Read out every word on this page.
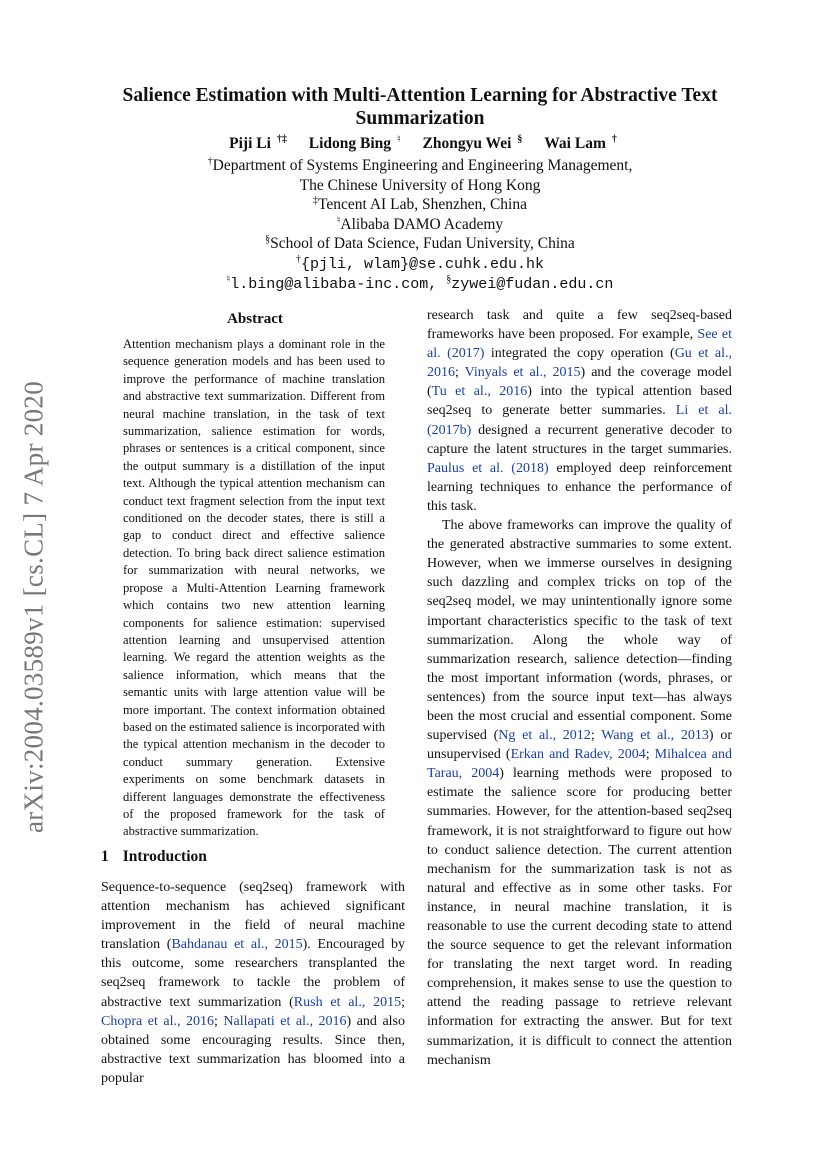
arXiv:2004.03589v1 [cs.CL] 7 Apr 2020
Salience Estimation with Multi-Attention Learning for Abstractive Text
Summarization
Piji Li †‡ Lidong Bing ♮ Zhongyu Wei § Wai Lam †
†Department of Systems Engineering and Engineering Management,
The Chinese University of Hong Kong
‡Tencent AI Lab, Shenzhen, China
♮Alibaba DAMO Academy
§School of Data Science, Fudan University, China
†{pjli, wlam}@se.cuhk.edu.hk
♮l.bing@alibaba-inc.com, §zywei@fudan.edu.cn
Abstract
Attention mechanism plays a dominant role in the sequence generation models and has been used to improve the performance of machine translation and abstractive text summarization. Different from neural machine translation, in the task of text summarization, salience estimation for words, phrases or sentences is a critical component, since the output summary is a distillation of the input text. Although the typical attention mechanism can conduct text fragment selection from the input text conditioned on the decoder states, there is still a gap to conduct direct and effective salience detection. To bring back direct salience estimation for summarization with neural networks, we propose a Multi-Attention Learning framework which contains two new attention learning components for salience estimation: supervised attention learning and unsupervised attention learning. We regard the attention weights as the salience information, which means that the semantic units with large attention value will be more important. The context information obtained based on the estimated salience is incorporated with the typical attention mechanism in the decoder to conduct summary generation. Extensive experiments on some benchmark datasets in different languages demonstrate the effectiveness of the proposed framework for the task of abstractive summarization.
1 Introduction

Sequence-to-sequence (seq2seq) framework with attention mechanism has achieved significant improvement in the field of neural machine translation (Bahdanau et al., 2015). Encouraged by this outcome, some researchers transplanted the seq2seq framework to tackle the problem of abstractive text summarization (Rush et al., 2015; Chopra et al., 2016; Nallapati et al., 2016) and also obtained some encouraging results. Since then, abstractive text summarization has bloomed into a popular

research task and quite a few seq2seq-based frameworks have been proposed. For example, See et al. (2017) integrated the copy operation (Gu et al., 2016; Vinyals et al., 2015) and the coverage model (Tu et al., 2016) into the typical attention based seq2seq to generate better summaries. Li et al. (2017b) designed a recurrent generative decoder to capture the latent structures in the target summaries. Paulus et al. (2018) employed deep reinforcement learning techniques to enhance the performance of this task.

The above frameworks can improve the quality of the generated abstractive summaries to some extent. However, when we immerse ourselves in designing such dazzling and complex tricks on top of the seq2seq model, we may unintentionally ignore some important characteristics specific to the task of text summarization. Along the whole way of summarization research, salience detection—finding the most important information (words, phrases, or sentences) from the source input text—has always been the most crucial and essential component. Some supervised (Ng et al., 2012; Wang et al., 2013) or unsupervised (Erkan and Radev, 2004; Mihalcea and Tarau, 2004) learning methods were proposed to estimate the salience score for producing better summaries. However, for the attention-based seq2seq framework, it is not straightforward to figure out how to conduct salience detection. The current attention mechanism for the summarization task is not as natural and effective as in some other tasks. For instance, in neural machine translation, it is reasonable to use the current decoding state to attend the source sequence to get the relevant information for translating the next target word. In reading comprehension, it makes sense to use the question to attend the reading passage to retrieve relevant information for extracting the answer. But for text summarization, it is difficult to connect the attention mechanism
